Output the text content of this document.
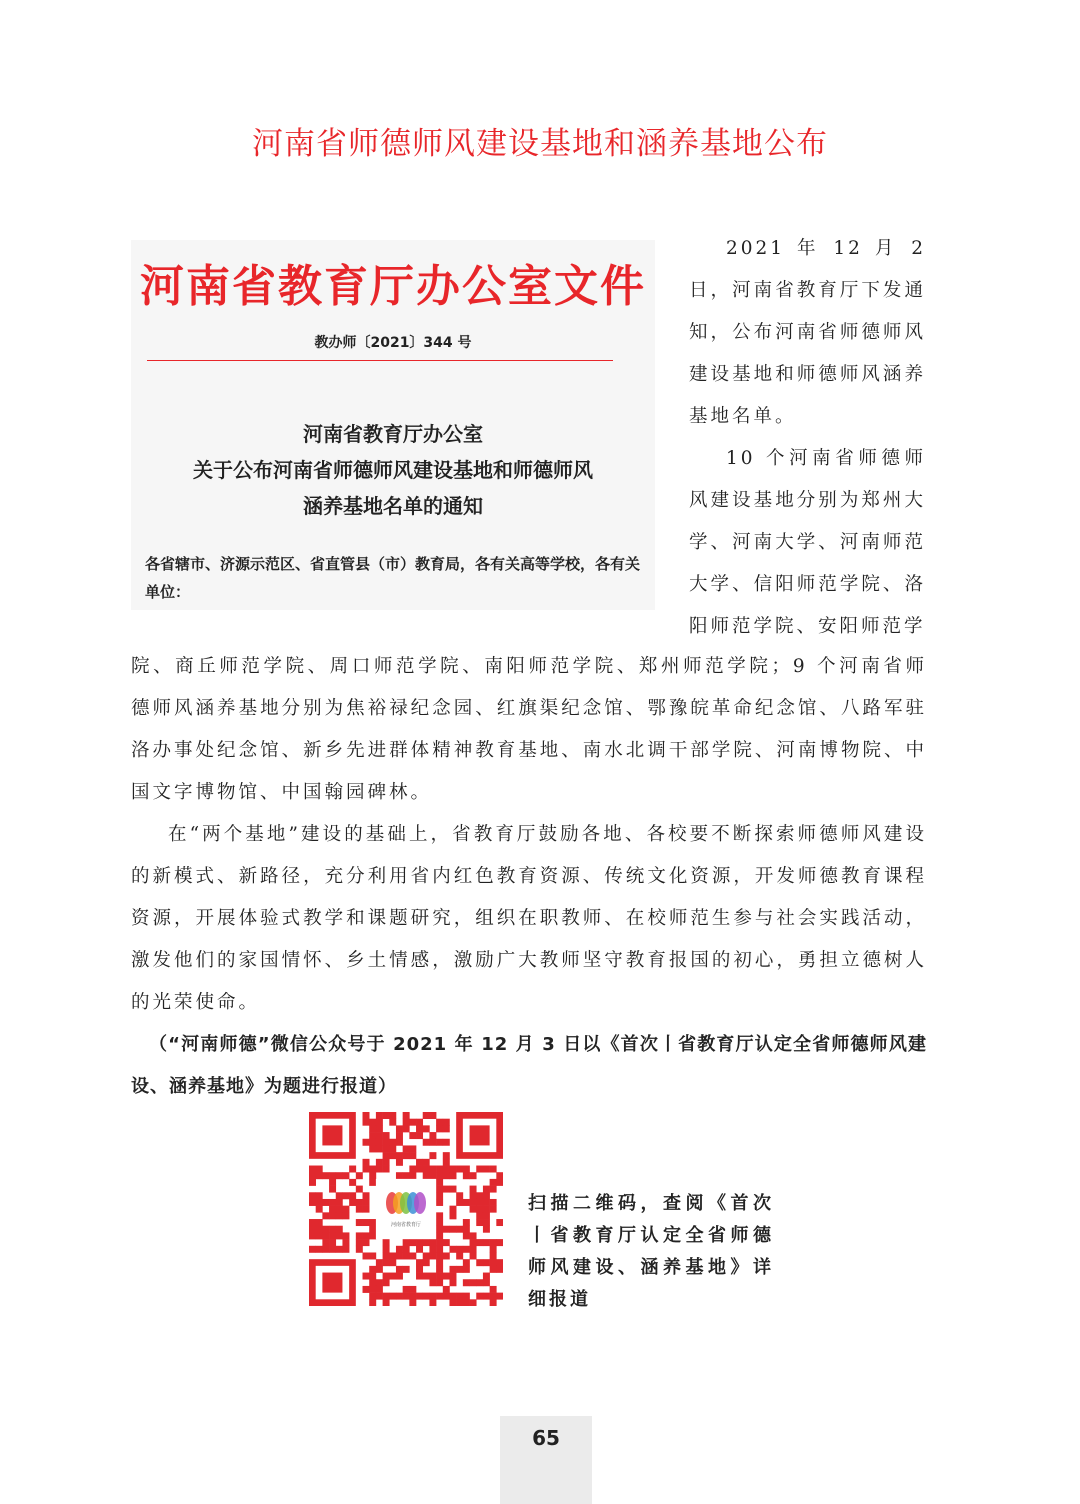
河南省师德师风建设基地和涵养基地公布
河南省教育厅办公室文件
教办师〔2021〕344 号
河南省教育厅办公室
关于公布河南省师德师风建设基地和师德师风
涵养基地名单的通知
各省辖市、济源示范区、省直管县（市）教育局，各有关高等学校，各有关单位：

2021 年 12 月 2 日，河南省教育厅下发通知，公布河南省师德师风建设基地和师德师风涵养基地名单。

10 个河南省师德师风建设基地分别为郑州大学、河南大学、河南师范大学、信阳师范学院、洛阳师范学院、安阳师范学

院、商丘师范学院、周口师范学院、南阳师范学院、郑州师范学院；9 个河南省师德师风涵养基地分别为焦裕禄纪念园、红旗渠纪念馆、鄂豫皖革命纪念馆、八路军驻洛办事处纪念馆、新乡先进群体精神教育基地、南水北调干部学院、河南博物院、中国文字博物馆、中国翰园碑林。

在“两个基地”建设的基础上，省教育厅鼓励各地、各校要不断探索师德师风建设的新模式、新路径，充分利用省内红色教育资源、传统文化资源，开发师德教育课程资源，开展体验式教学和课题研究，组织在职教师、在校师范生参与社会实践活动，激发他们的家国情怀、乡土情感，激励广大教师坚守教育报国的初心，勇担立德树人的光荣使命。

（“河南师德”微信公众号于 2021 年 12 月 3 日以《首次丨省教育厅认定全省师德师风建设、涵养基地》为题进行报道）

河南省教育厅
扫描二维码，查阅《首次丨省教育厅认定全省师德师风建设、涵养基地》详细报道
65
